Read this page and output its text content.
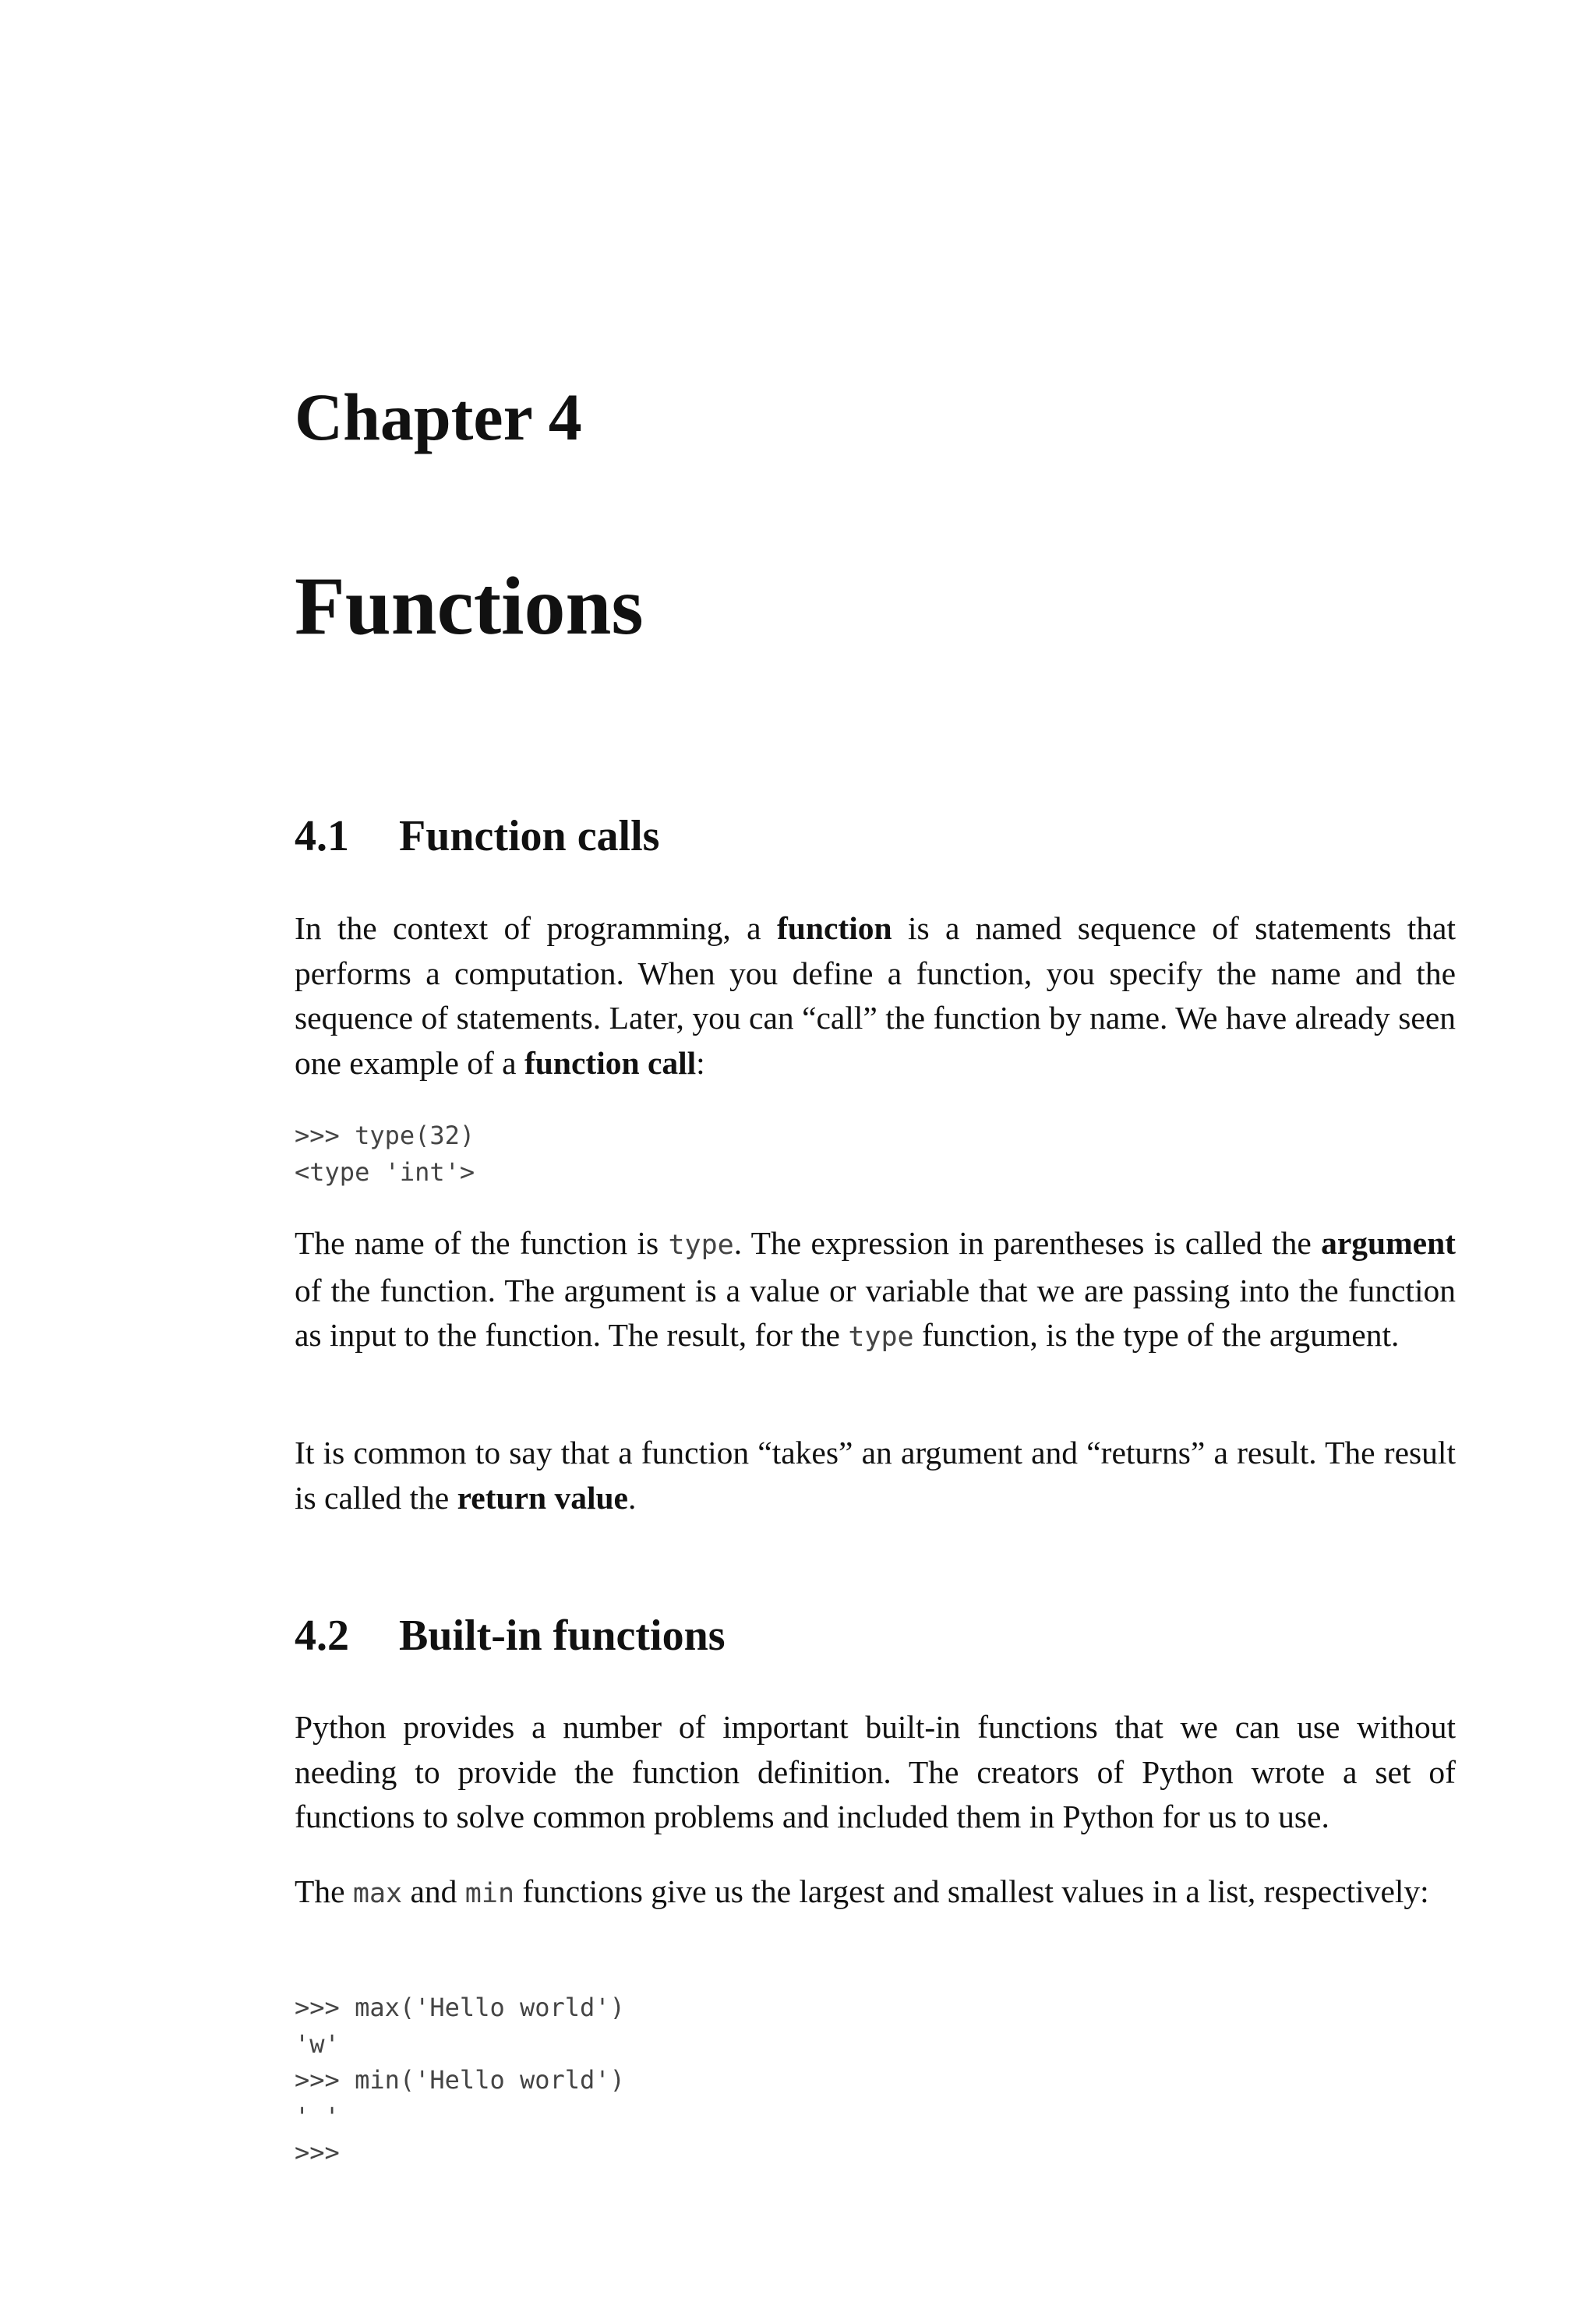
Chapter 4
Functions
4.1 Function calls

In the context of programming, a function is a named sequence of statements that performs a computation. When you define a function, you specify the name and the sequence of statements. Later, you can “call” the function by name. We have already seen one example of a function call:

>>> type(32)
<type 'int'>

The name of the function is type. The expression in parentheses is called the argument of the function. The argument is a value or variable that we are passing into the function as input to the function. The result, for the type function, is the type of the argument.

It is common to say that a function “takes” an argument and “returns” a result. The result is called the return value.

4.2 Built-in functions

Python provides a number of important built-in functions that we can use without needing to provide the function definition. The creators of Python wrote a set of functions to solve common problems and included them in Python for us to use.

The max and min functions give us the largest and smallest values in a list, respectively:

>>> max('Hello world')
'w'
>>> min('Hello world')
' '
>>>
